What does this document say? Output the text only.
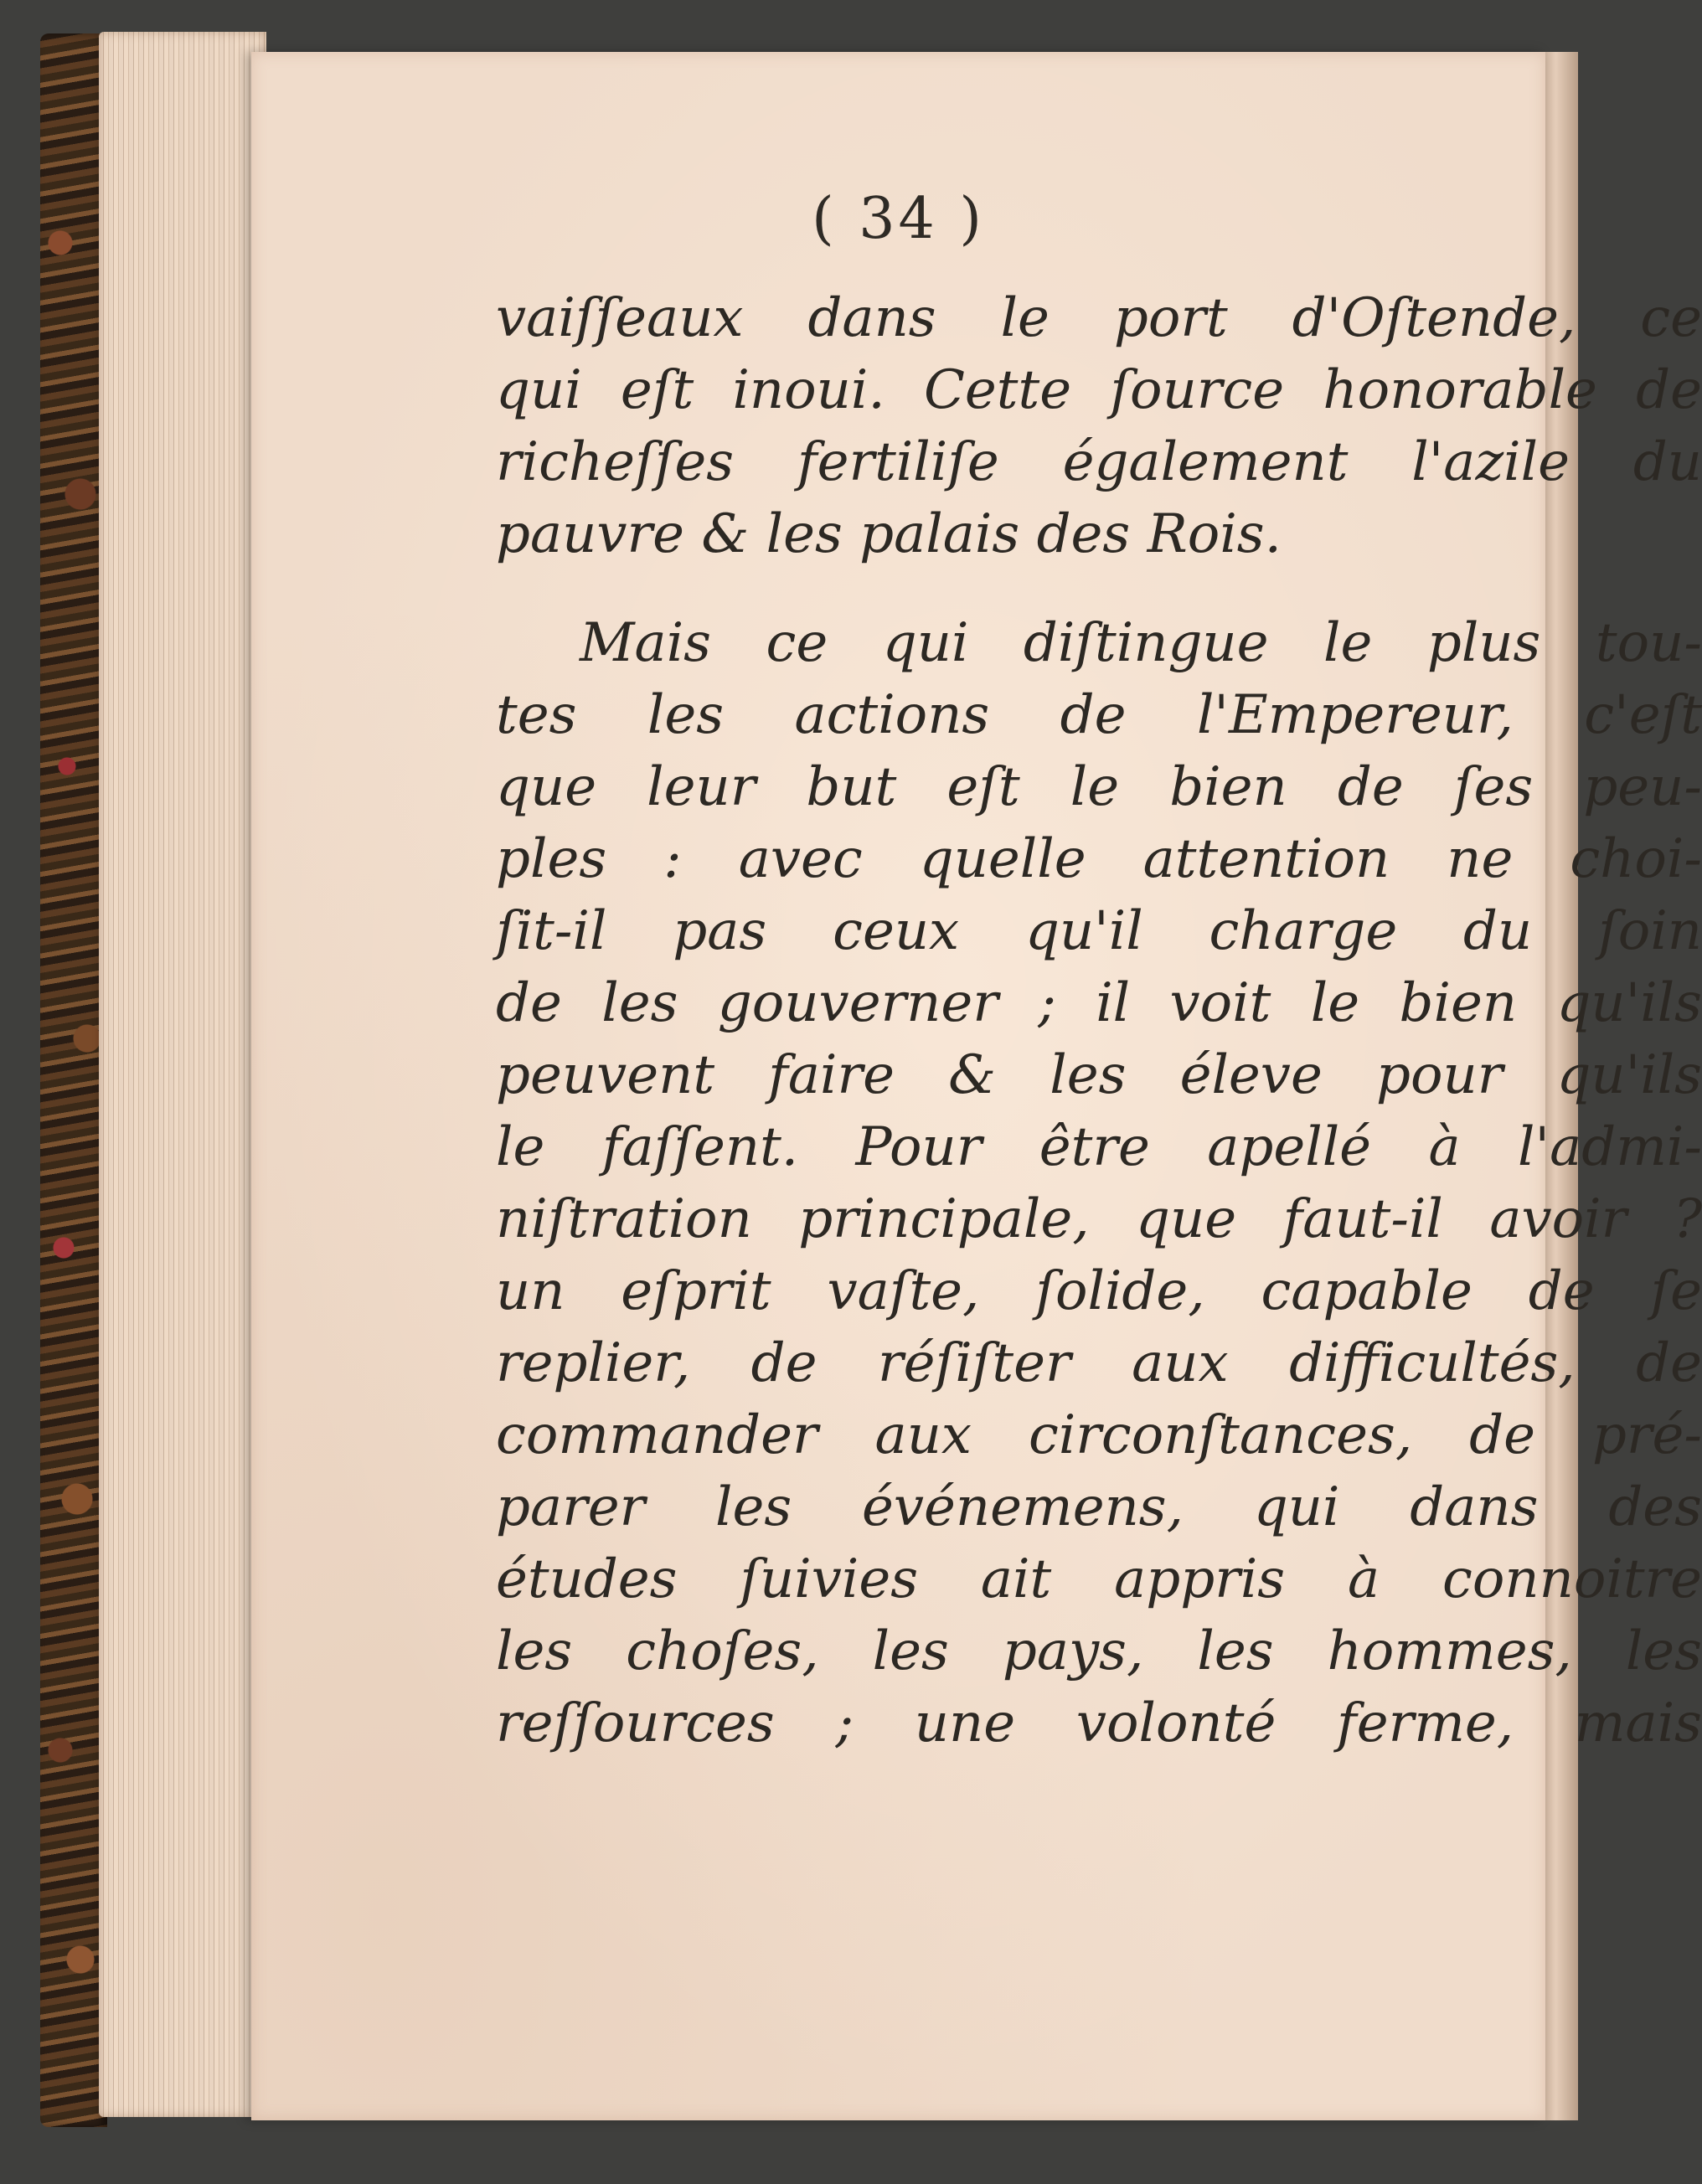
( 34 )
vaiſſeaux dans le port d'Oſtende, ce
qui eſt inoui. Cette ſource honorable de
richeſſes fertiliſe également l'azile du
pauvre & les palais des Rois.
Mais ce qui diſtingue le plus tou-
tes les actions de l'Empereur, c'eſt
que leur but eſt le bien de ſes peu-
ples : avec quelle attention ne choi-
ſit-il pas ceux qu'il charge du ſoin
de les gouverner ; il voit le bien qu'ils
peuvent faire & les éleve pour qu'ils
le faſſent. Pour être apellé à l'admi-
niſtration principale, que faut-il avoir ?
un eſprit vaſte, ſolide, capable de ſe
replier, de réſiſter aux difficultés, de
commander aux circonſtances, de pré-
parer les événemens, qui dans des
études ſuivies ait appris à connoitre
les choſes, les pays, les hommes, les
reſſources ; une volonté ferme, mais
